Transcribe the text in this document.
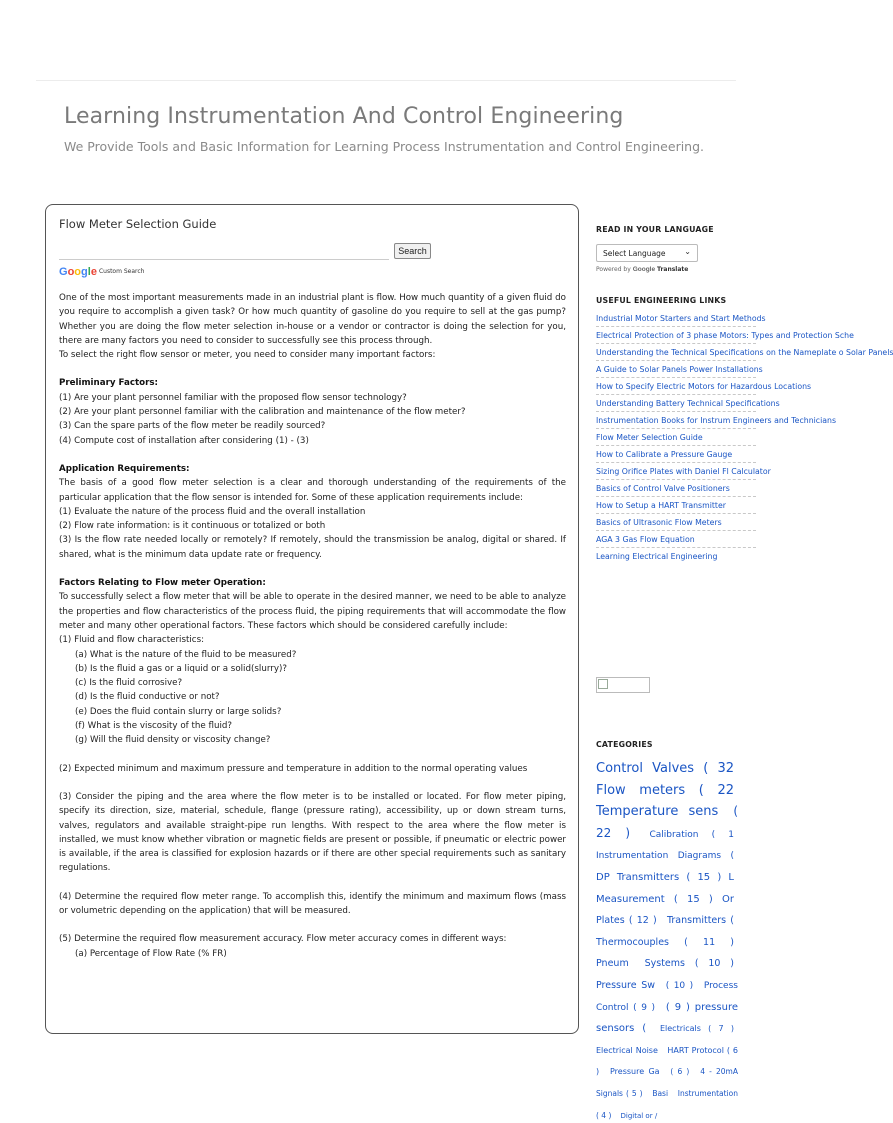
Learning Instrumentation And Control Engineering
We Provide Tools and Basic Information for Learning Process Instrumentation and Control Engineering.
Flow Meter Selection Guide
Search
Google Custom Search

One of the most important measurements made in an industrial plant is flow. How much quantity of a given fluid do you require to accomplish a given task? Or how much quantity of gasoline do you require to sell at the gas pump? Whether you are doing the flow meter selection in-house or a vendor or contractor is doing the selection for you, there are many factors you need to consider to successfully see this process through.
To select the right flow sensor or meter, you need to consider many important factors:

Preliminary Factors:
(1) Are your plant personnel familiar with the proposed flow sensor technology?
(2) Are your plant personnel familiar with the calibration and maintenance of the flow meter?
(3) Can the spare parts of the flow meter be readily sourced?
(4) Compute cost of installation after considering (1) - (3)

Application Requirements:
The basis of a good flow meter selection is a clear and thorough understanding of the requirements of the particular application that the flow sensor is intended for. Some of these application requirements include:
(1) Evaluate the nature of the process fluid and the overall installation
(2) Flow rate information: is it continuous or totalized or both
(3) Is the flow rate needed locally or remotely? If remotely, should the transmission be analog, digital or shared. If shared, what is the minimum data update rate or frequency.

Factors Relating to Flow meter Operation:
To successfully select a flow meter that will be able to operate in the desired manner, we need to be able to analyze the properties and flow characteristics of the process fluid, the piping requirements that will accommodate the flow meter and many other operational factors. These factors which should be considered carefully include:
(1) Fluid and flow characteristics:
(a) What is the nature of the fluid to be measured?
(b) Is the fluid a gas or a liquid or a solid(slurry)?
(c) Is the fluid corrosive?
(d) Is the fluid conductive or not?
(e) Does the fluid contain slurry or large solids?
(f) What is the viscosity of the fluid?
(g) Will the fluid density or viscosity change?

(2) Expected minimum and maximum pressure and temperature in addition to the normal operating values

(3) Consider the piping and the area where the flow meter is to be installed or located. For flow meter piping, specify its direction, size, material, schedule, flange (pressure rating), accessibility, up or down stream turns, valves, regulators and available straight-pipe run lengths. With respect to the area where the flow meter is installed, we must know whether vibration or magnetic fields are present or possible, if pneumatic or electric power is available, if the area is classified for explosion hazards or if there are other special requirements such as sanitary regulations.

(4) Determine the required flow meter range. To accomplish this, identify the minimum and maximum flows (mass or volumetric depending on the application) that will be measured.

(5) Determine the required flow measurement accuracy. Flow meter accuracy comes in different ways:
(a) Percentage of Flow Rate (% FR)

READ IN YOUR LANGUAGE
Select Language ⌄
Powered by Google Translate
USEFUL ENGINEERING LINKS
Industrial Motor Starters and Start Methods
Electrical Protection of 3 phase Motors: Types and Protection Sche
Understanding the Technical Specifications on the Nameplate o Solar Panels
A Guide to Solar Panels Power Installations
How to Specify Electric Motors for Hazardous Locations
Understanding Battery Technical Specifications
Instrumentation Books for Instrum Engineers and Technicians
Flow Meter Selection Guide
How to Calibrate a Pressure Gauge
Sizing Orifice Plates with Daniel Fl Calculator
Basics of Control Valve Positioners
How to Setup a HART Transmitter
Basics of Ultrasonic Flow Meters
AGA 3 Gas Flow Equation
Learning Electrical Engineering
CATEGORIES
Control Valves ( 32 Flow meters ( 22 Temperature sens ( 22 ) Calibration ( 1 Instrumentation Diagrams ( DP Transmitters ( 15 ) L Measurement ( 15 ) Or Plates ( 12 ) Transmitters ( Thermocouples ( 11 ) Pneum Systems ( 10 ) Pressure Sw ( 10 ) Process Control ( 9 ) ( 9 ) pressure sensors ( Electricals ( 7 ) Electrical Noise HART Protocol ( 6 ) Pressure Ga ( 6 ) 4 - 20mA Signals ( 5 ) Basi Instrumentation ( 4 ) Digital or /
